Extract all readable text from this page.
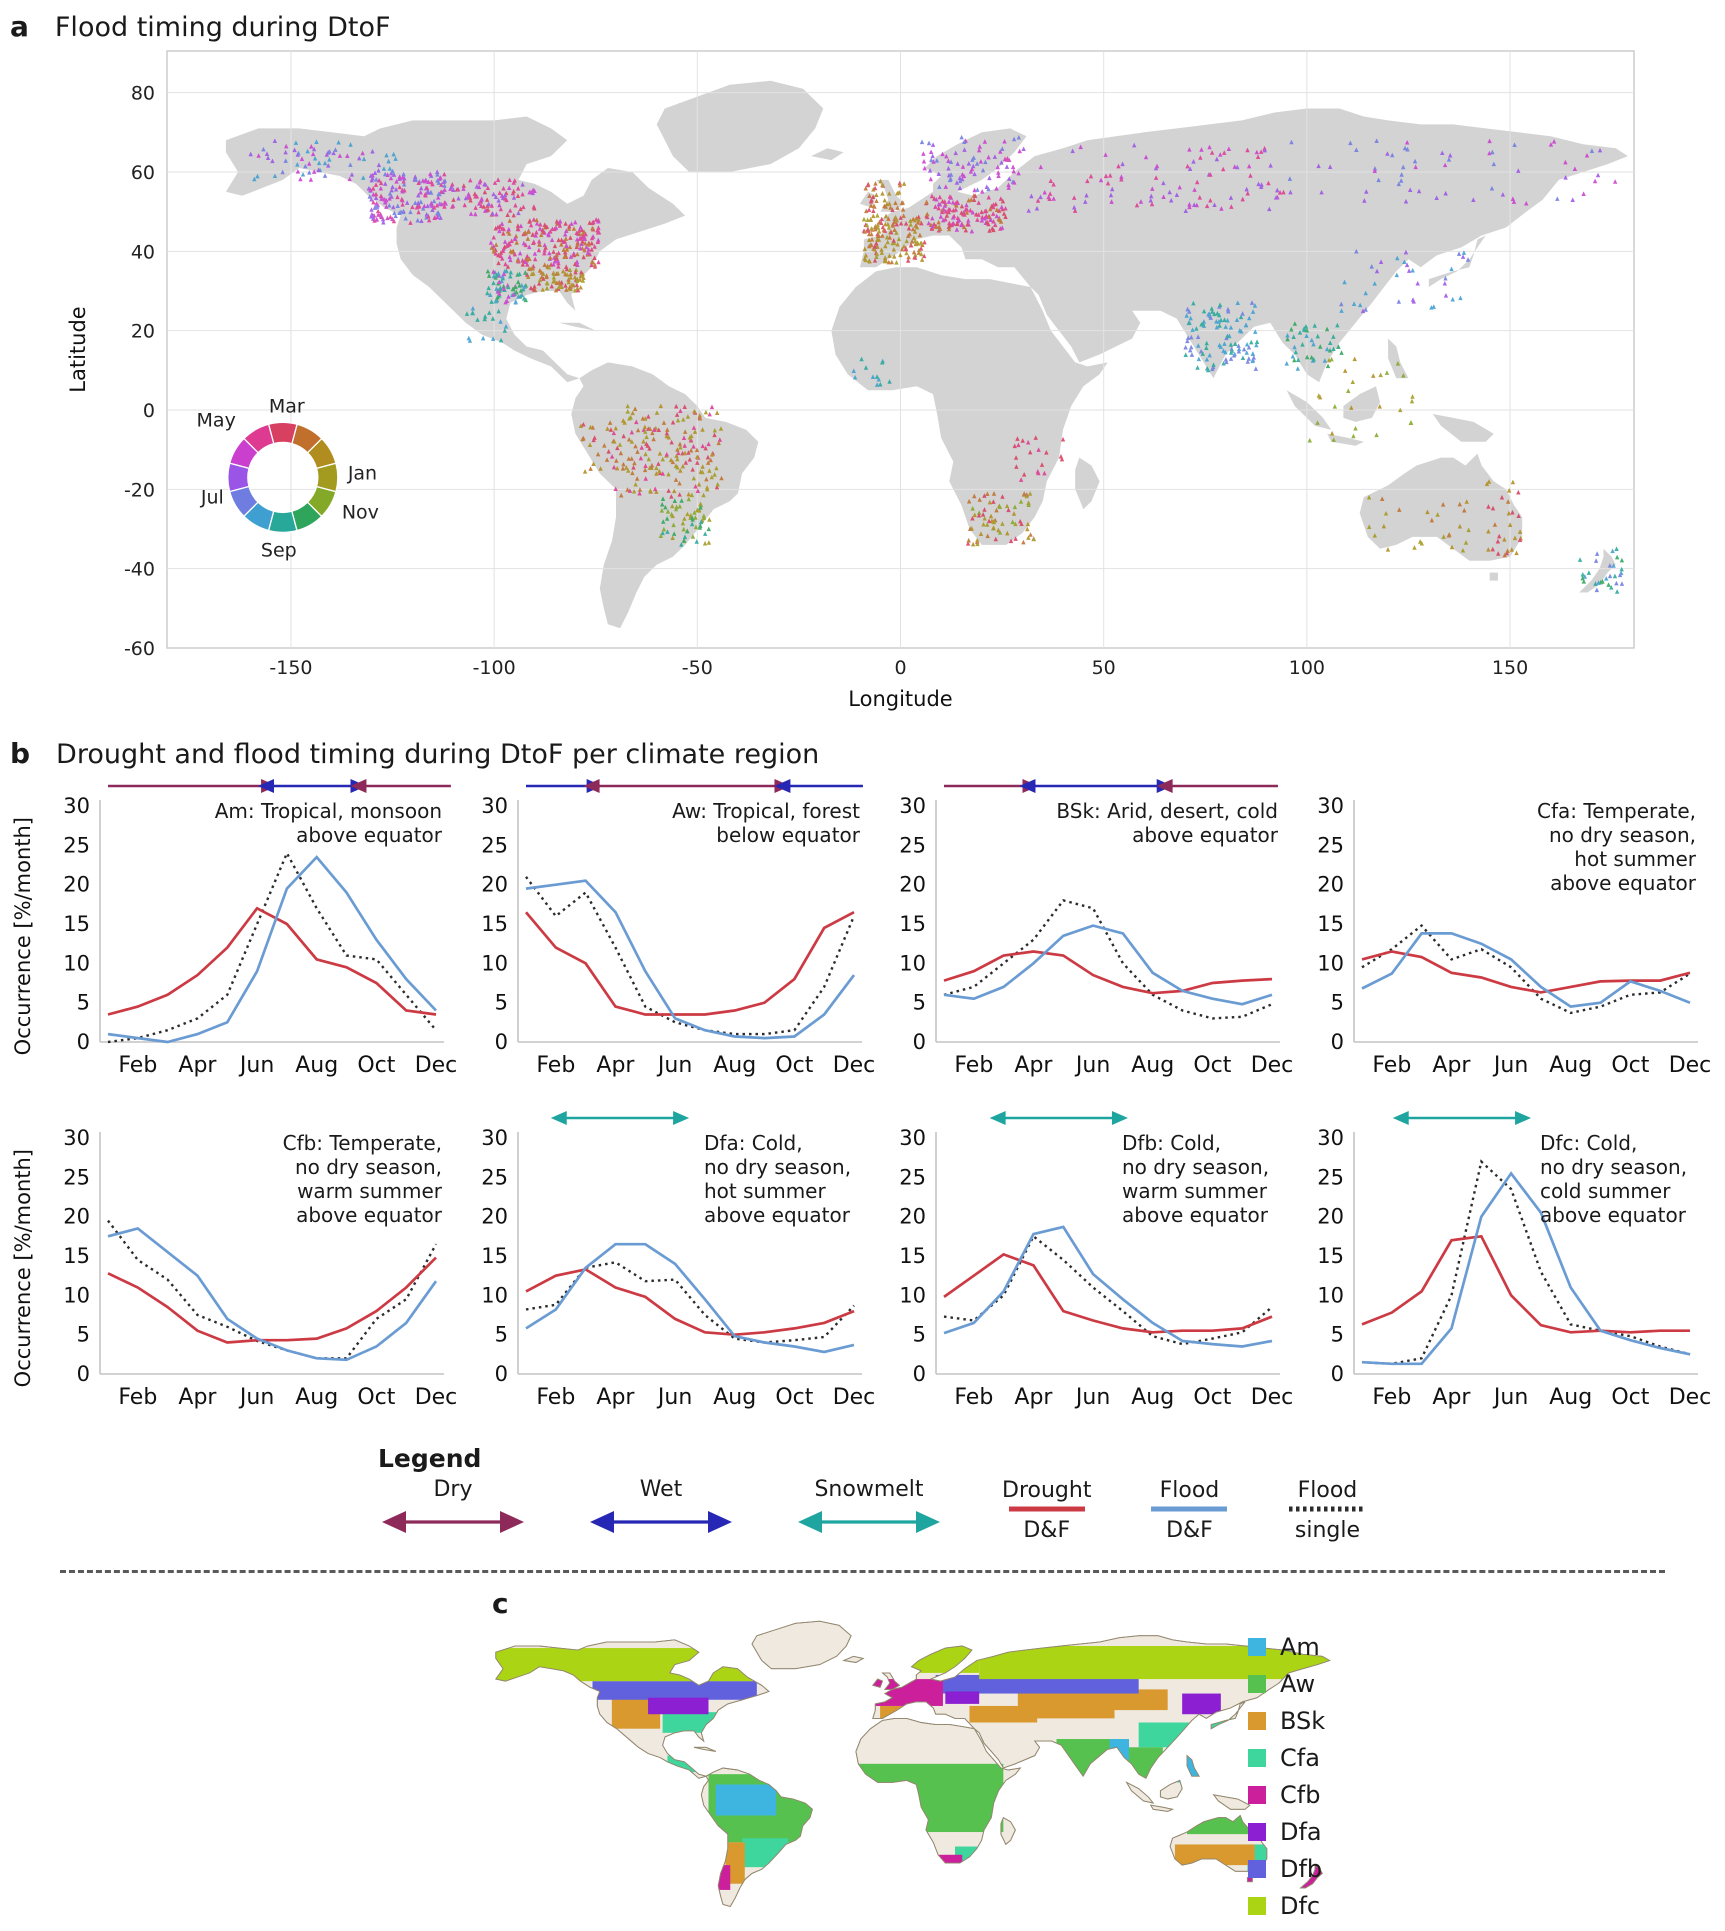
a Flood timing during DtoF
80
60
40
20
0
-20
-40
-60
-150	-100	-50	0	50	100	150
Longitude
Latitude
Mar
May
Jul
Sep
Nov
Jan
b Drought and flood timing during DtoF per climate region
Occurrence [%/month] 0
5
10
15
20
25
30
Feb Apr Jun Aug Oct Dec
Am: Tropical, monsoon
above equator
0
5
10
15
20
25
30
Feb Apr Jun Aug Oct Dec
Aw: Tropical, forest
below equator
0
5
10
15
20
25
30
Feb Apr Jun Aug Oct Dec
BSk: Arid, desert, cold
above equator
0
5
10
15
20
25
30
Feb Apr Jun Aug Oct Dec
Cfa: Temperate,
no dry season,
hot summer
above equator
Occurrence [%/month] 0
5
10
15
20
25
30
Feb Apr Jun Aug Oct Dec
Cfb: Temperate,
no dry season,
warm summer
above equator
0
5
10
15
20
25
30
Feb Apr Jun Aug Oct Dec
Dfa: Cold,
no dry season,
hot summer
above equator
0
5
10
15
20
25
30
Feb Apr Jun Aug Oct Dec
Dfb: Cold,
no dry season,
warm summer
above equator
0
5
10
15
20
25
30
Feb Apr Jun Aug Oct Dec
Dfc: Cold,
no dry season,
cold summer
above equator
Legend
Dry	Wet	Snowmelt	Drought
D&F
Flood
D&F
Flood
single
c
Am
Aw
BSk
Cfa
Cfb
Dfa
Dfb
Dfc
